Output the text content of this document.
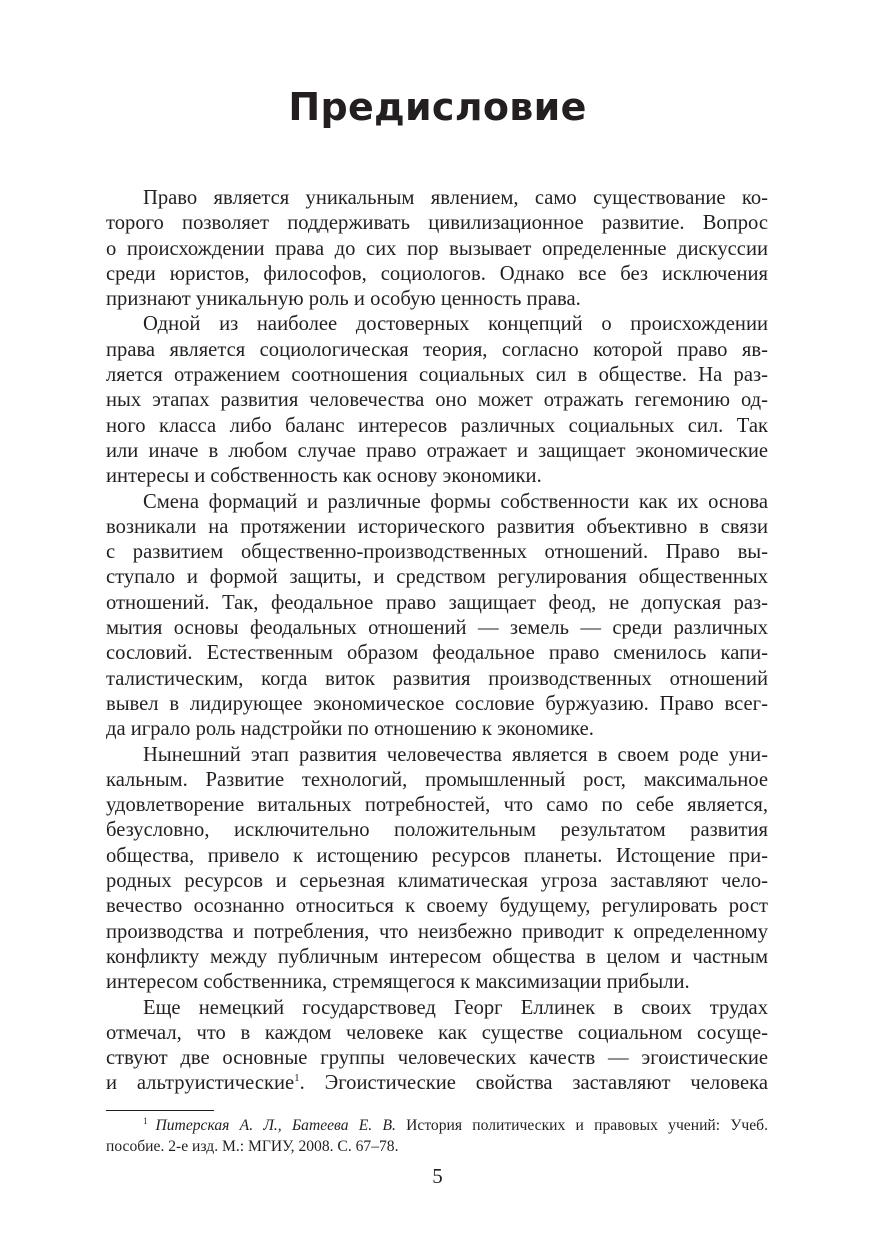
Предисловие

Право является уникальным явлением, само существование ко-
торого позволяет поддерживать цивилизационное развитие. Вопрос
о происхождении права до сих пор вызывает определенные дискуссии
среди юристов, философов, социологов. Однако все без исключения
признают уникальную роль и особую ценность права.

Одной из наиболее достоверных концепций о происхождении
права является социологическая теория, согласно которой право яв-
ляется отражением соотношения социальных сил в обществе. На раз-
ных этапах развития человечества оно может отражать гегемонию од-
ного класса либо баланс интересов различных социальных сил. Так
или иначе в любом случае право отражает и защищает экономические
интересы и собственность как основу экономики.

Смена формаций и различные формы собственности как их основа
возникали на протяжении исторического развития объективно в связи
с развитием общественно-производственных отношений. Право вы-
ступало и формой защиты, и средством регулирования общественных
отношений. Так, феодальное право защищает феод, не допуская раз-
мытия основы феодальных отношений — земель — среди различных
сословий. Естественным образом феодальное право сменилось капи-
талистическим, когда виток развития производственных отношений
вывел в лидирующее экономическое сословие буржуазию. Право всег-
да играло роль надстройки по отношению к экономике.

Нынешний этап развития человечества является в своем роде уни-
кальным. Развитие технологий, промышленный рост, максимальное
удовлетворение витальных потребностей, что само по себе является,
безусловно, исключительно положительным результатом развития
общества, привело к истощению ресурсов планеты. Истощение при-
родных ресурсов и серьезная климатическая угроза заставляют чело-
вечество осознанно относиться к своему будущему, регулировать рост
производства и потребления, что неизбежно приводит к определенному
конфликту между публичным интересом общества в целом и частным
интересом собственника, стремящегося к максимизации прибыли.

Еще немецкий государствовед Георг Еллинек в своих трудах
отмечал, что в каждом человеке как существе социальном сосуще-
ствуют две основные группы человеческих качеств — эгоистические
и альтруистические$^1$. Эгоистические свойства заставляют человека

$^1$ Питерская А. Л., Батеева Е. В. История политических и правовых учений: Учеб.
пособие. 2-е изд. М.: МГИУ, 2008. С. 67–78.
5
